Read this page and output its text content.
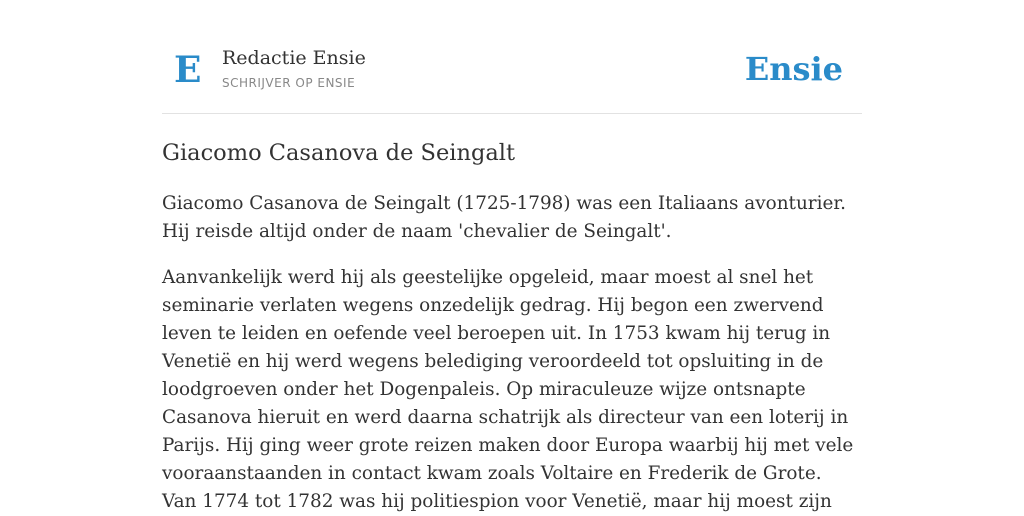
E Redactie Ensie
SCHRIJVER OP ENSIE	Ensie
Giacomo Casanova de Seingalt

Giacomo Casanova de Seingalt (1725-1798) was een Italiaans avonturier. Hij reisde altijd onder de naam 'chevalier de Seingalt'.

Aanvankelijk werd hij als geestelijke opgeleid, maar moest al snel het seminarie verlaten wegens onzedelijk gedrag. Hij begon een zwervend leven te leiden en oefende veel beroepen uit. In 1753 kwam hij terug in Venetië en hij werd wegens belediging veroordeeld tot opsluiting in de loodgroeven onder het Dogenpaleis. Op miraculeuze wijze ontsnapte Casanova hieruit en werd daarna schatrijk als directeur van een loterij in Parijs. Hij ging weer grote reizen maken door Europa waarbij hij met vele vooraanstaanden in contact kwam zoals Voltaire en Frederik de Grote.

Van 1774 tot 1782 was hij politiespion voor Venetië, maar hij moest zijn
